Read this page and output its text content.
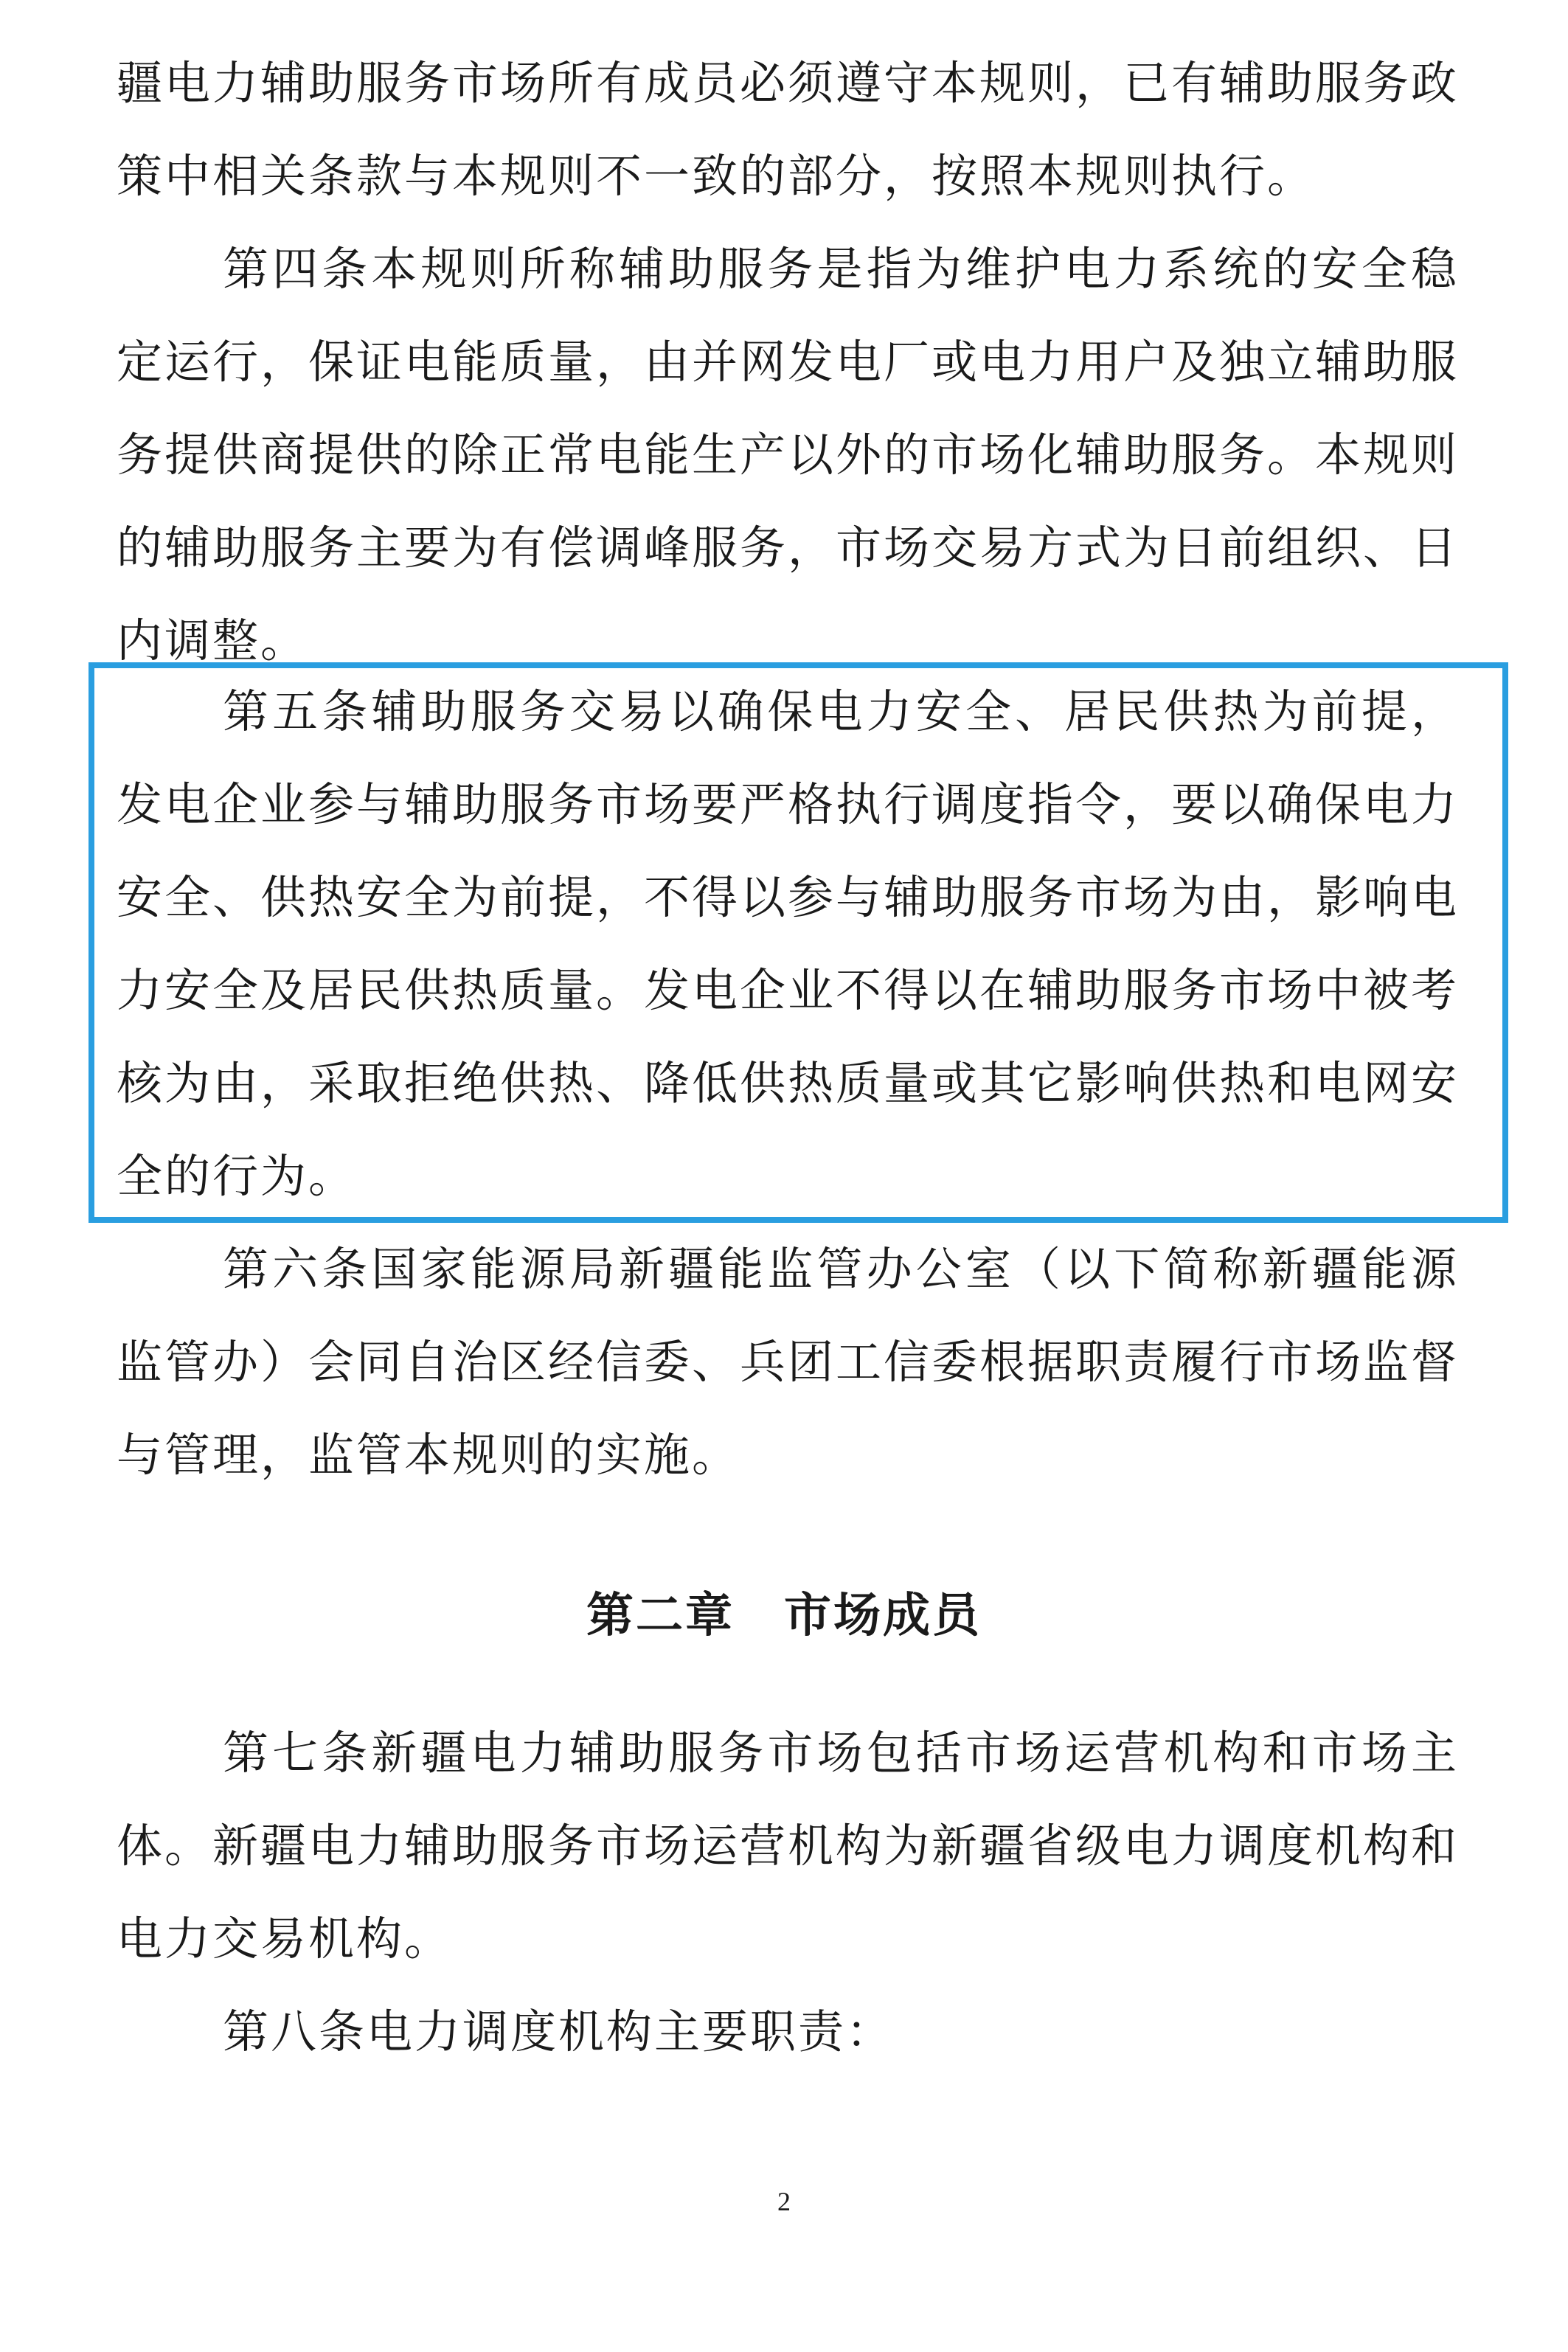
疆电力辅助服务市场所有成员必须遵守本规则，已有辅助服务政策中相关条款与本规则不一致的部分，按照本规则执行。

第四条本规则所称辅助服务是指为维护电力系统的安全稳定运行，保证电能质量，由并网发电厂或电力用户及独立辅助服务提供商提供的除正常电能生产以外的市场化辅助服务。本规则的辅助服务主要为有偿调峰服务，市场交易方式为日前组织、日内调整。

第五条辅助服务交易以确保电力安全、居民供热为前提，发电企业参与辅助服务市场要严格执行调度指令，要以确保电力安全、供热安全为前提，不得以参与辅助服务市场为由，影响电力安全及居民供热质量。发电企业不得以在辅助服务市场中被考核为由，采取拒绝供热、降低供热质量或其它影响供热和电网安全的行为。

第六条国家能源局新疆能监管办公室（以下简称新疆能源监管办）会同自治区经信委、兵团工信委根据职责履行市场监督与管理，监管本规则的实施。

第二章　市场成员

第七条新疆电力辅助服务市场包括市场运营机构和市场主体。新疆电力辅助服务市场运营机构为新疆省级电力调度机构和电力交易机构。

第八条电力调度机构主要职责：

2
